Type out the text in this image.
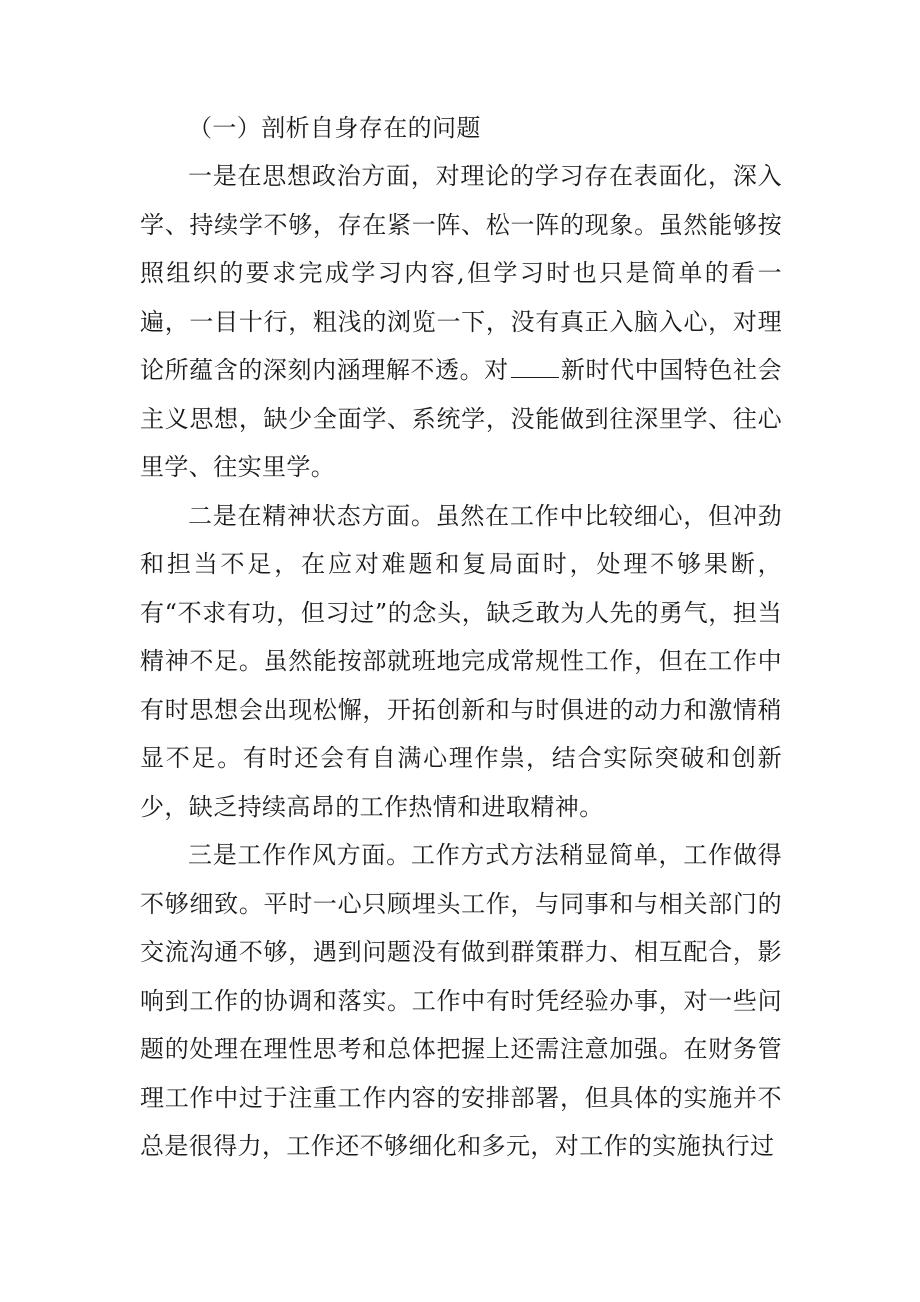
（一）剖析自身存在的问题

一是在思想政治方面，对理论的学习存在表面化，深入学、持续学不够，存在紧一阵、松一阵的现象。虽然能够按照组织的要求完成学习内容,但学习时也只是简单的看一遍，一目十行，粗浅的浏览一下，没有真正入脑入心，对理论所蕴含的深刻内涵理解不透。对 新时代中国特色社会主义思想，缺少全面学、系统学，没能做到往深里学、往心里学、往实里学。

二是在精神状态方面。虽然在工作中比较细心，但冲劲和担当不足，在应对难题和复局面时，处理不够果断，有“不求有功，但习过”的念头，缺乏敢为人先的勇气，担当精神不足。虽然能按部就班地完成常规性工作，但在工作中有时思想会出现松懈，开拓创新和与时俱进的动力和激情稍显不足。有时还会有自满心理作祟，结合实际突破和创新少，缺乏持续高昂的工作热情和进取精神。

三是工作作风方面。工作方式方法稍显简单，工作做得不够细致。平时一心只顾埋头工作，与同事和与相关部门的交流沟通不够，遇到问题没有做到群策群力、相互配合，影响到工作的协调和落实。工作中有时凭经验办事，对一些问题的处理在理性思考和总体把握上还需注意加强。在财务管理工作中过于注重工作内容的安排部署，但具体的实施并不总是很得力，工作还不够细化和多元，对工作的实施执行过
